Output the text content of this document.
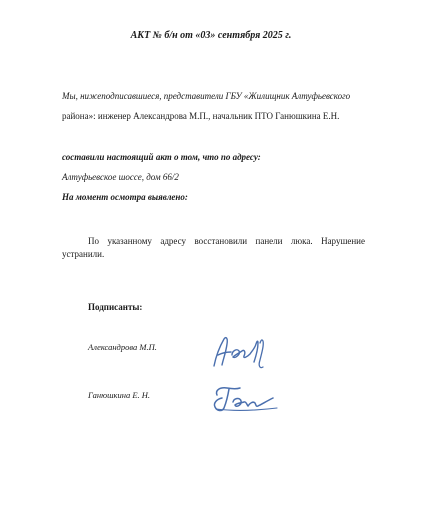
АКТ № б/н от «03» сентября 2025 г.
Мы, нижеподписавшиеся, представители ГБУ «Жилищник Алтуфьевского
района»: инженер Александрова М.П., начальник ПТО Ганюшкина Е.Н.
составили настоящий акт о том, что по адресу:
Алтуфьевское шоссе, дом 66/2
На момент осмотра выявлено:
По указанному адресу восстановили панели люка. Нарушение устранили.
Подписанты:
Александрова М.П.
Ганюшкина Е. Н.
